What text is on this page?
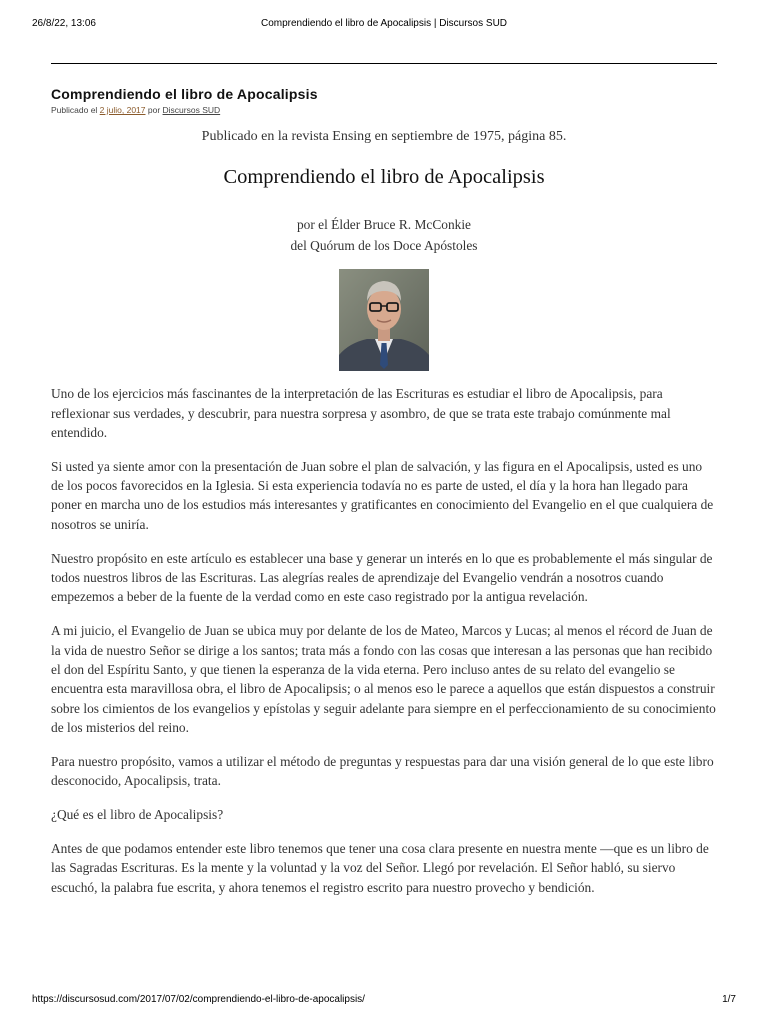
26/8/22, 13:06	Comprendiendo el libro de Apocalipsis | Discursos SUD
Comprendiendo el libro de Apocalipsis
Publicado el 2 julio, 2017 por Discursos SUD

Publicado en la revista Ensing en septiembre de 1975, página 85.

Comprendiendo el libro de Apocalipsis
por el Élder Bruce R. McConkie
del Quórum de los Doce Apóstoles

Uno de los ejercicios más fascinantes de la interpretación de las Escrituras es estudiar el libro de Apocalipsis, para reflexionar sus verdades, y descubrir, para nuestra sorpresa y asombro, de que se trata este trabajo comúnmente mal entendido.

Si usted ya siente amor con la presentación de Juan sobre el plan de salvación, y las figura en el Apocalipsis, usted es uno de los pocos favorecidos en la Iglesia. Si esta experiencia todavía no es parte de usted, el día y la hora han llegado para poner en marcha uno de los estudios más interesantes y gratificantes en conocimiento del Evangelio en el que cualquiera de nosotros se uniría.

Nuestro propósito en este artículo es establecer una base y generar un interés en lo que es probablemente el más singular de todos nuestros libros de las Escrituras. Las alegrías reales de aprendizaje del Evangelio vendrán a nosotros cuando empezemos a beber de la fuente de la verdad como en este caso registrado por la antigua revelación.

A mi juicio, el Evangelio de Juan se ubica muy por delante de los de Mateo, Marcos y Lucas; al menos el récord de Juan de la vida de nuestro Señor se dirige a los santos; trata más a fondo con las cosas que interesan a las personas que han recibido el don del Espíritu Santo, y que tienen la esperanza de la vida eterna. Pero incluso antes de su relato del evangelio se encuentra esta maravillosa obra, el libro de Apocalipsis; o al menos eso le parece a aquellos que están dispuestos a construir sobre los cimientos de los evangelios y epístolas y seguir adelante para siempre en el perfeccionamiento de su conocimiento de los misterios del reino.

Para nuestro propósito, vamos a utilizar el método de preguntas y respuestas para dar una visión general de lo que este libro desconocido, Apocalipsis, trata.

¿Qué es el libro de Apocalipsis?

Antes de que podamos entender este libro tenemos que tener una cosa clara presente en nuestra mente —que es un libro de las Sagradas Escrituras. Es la mente y la voluntad y la voz del Señor. Llegó por revelación. El Señor habló, su siervo escuchó, la palabra fue escrita, y ahora tenemos el registro escrito para nuestro provecho y bendición.

https://discursosud.com/2017/07/02/comprendiendo-el-libro-de-apocalipsis/	1/7
